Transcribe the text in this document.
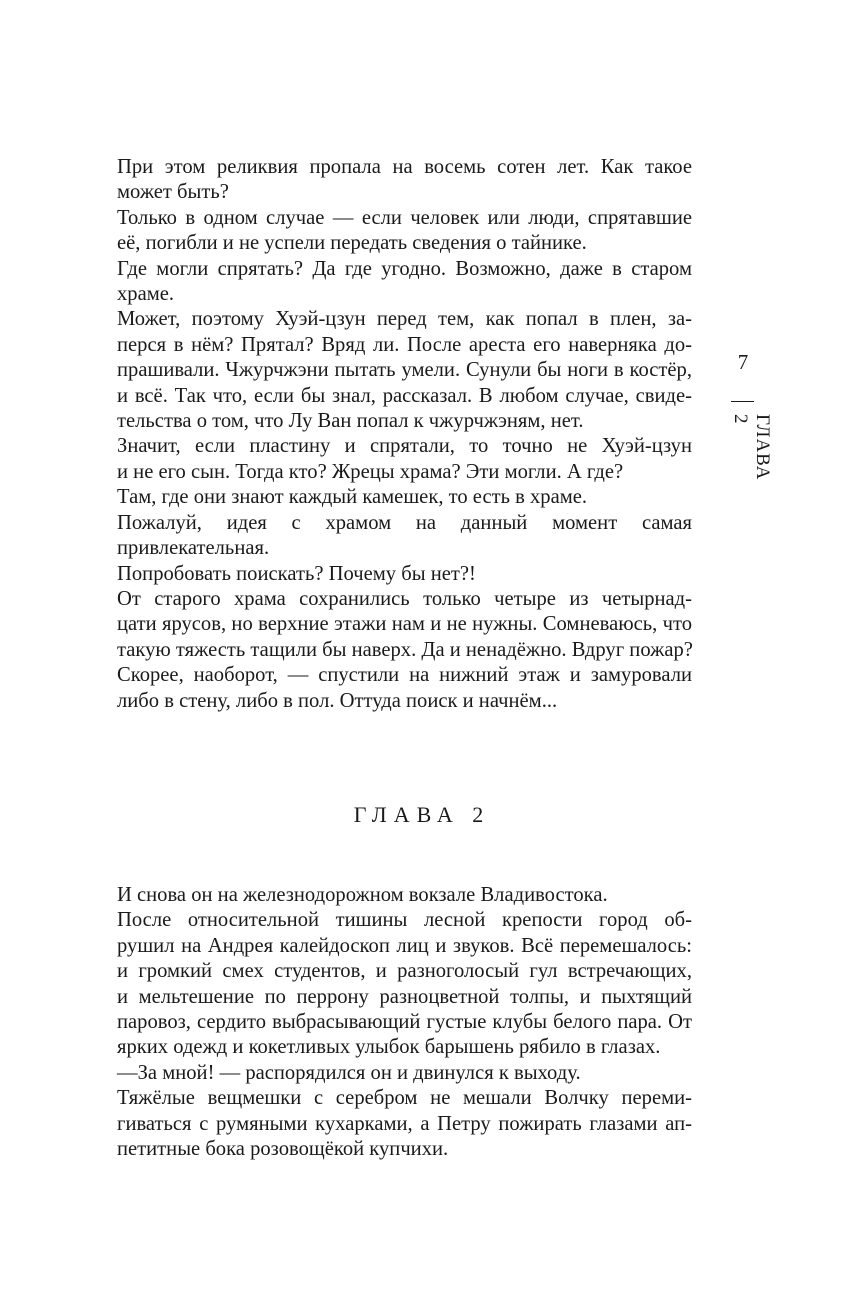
7
ГЛАВА 2
При этом реликвия пропала на восемь сотен лет. Как такое
может быть?
Только в одном случае — если человек или люди, спрятавшие
её, погибли и не успели передать сведения о тайнике.
Где могли спрятать? Да где угодно. Возможно, даже в старом
храме.
Может, поэтому Хуэй-цзун перед тем, как попал в плен, за-
перся в нём? Прятал? Вряд ли. После ареста его наверняка до-
прашивали. Чжурчжэни пытать умели. Сунули бы ноги в костёр,
и всё. Так что, если бы знал, рассказал. В любом случае, свиде-
тельства о том, что Лу Ван попал к чжурчжэням, нет.
Значит, если пластину и спрятали, то точно не Хуэй-цзун
и не его сын. Тогда кто? Жрецы храма? Эти могли. А где?
Там, где они знают каждый камешек, то есть в храме.
Пожалуй, идея с храмом на данный момент самая
привлекательная.
Попробовать поискать? Почему бы нет?!
От старого храма сохранились только четыре из четырнад-
цати ярусов, но верхние этажи нам и не нужны. Сомневаюсь, что
такую тяжесть тащили бы наверх. Да и ненадёжно. Вдруг пожар?
Скорее, наоборот, — спустили на нижний этаж и замуровали
либо в стену, либо в пол. Оттуда поиск и начнём...
ГЛАВА 2
И снова он на железнодорожном вокзале Владивостока.
После относительной тишины лесной крепости город об-
рушил на Андрея калейдоскоп лиц и звуков. Всё перемешалось:
и громкий смех студентов, и разноголосый гул встречающих,
и мельтешение по перрону разноцветной толпы, и пыхтящий
паровоз, сердито выбрасывающий густые клубы белого пара. От
ярких одежд и кокетливых улыбок барышень рябило в глазах.
—За мной! — распорядился он и двинулся к выходу.
Тяжёлые вещмешки с серебром не мешали Волчку переми-
гиваться с румяными кухарками, а Петру пожирать глазами ап-
петитные бока розовощёкой купчихи.
